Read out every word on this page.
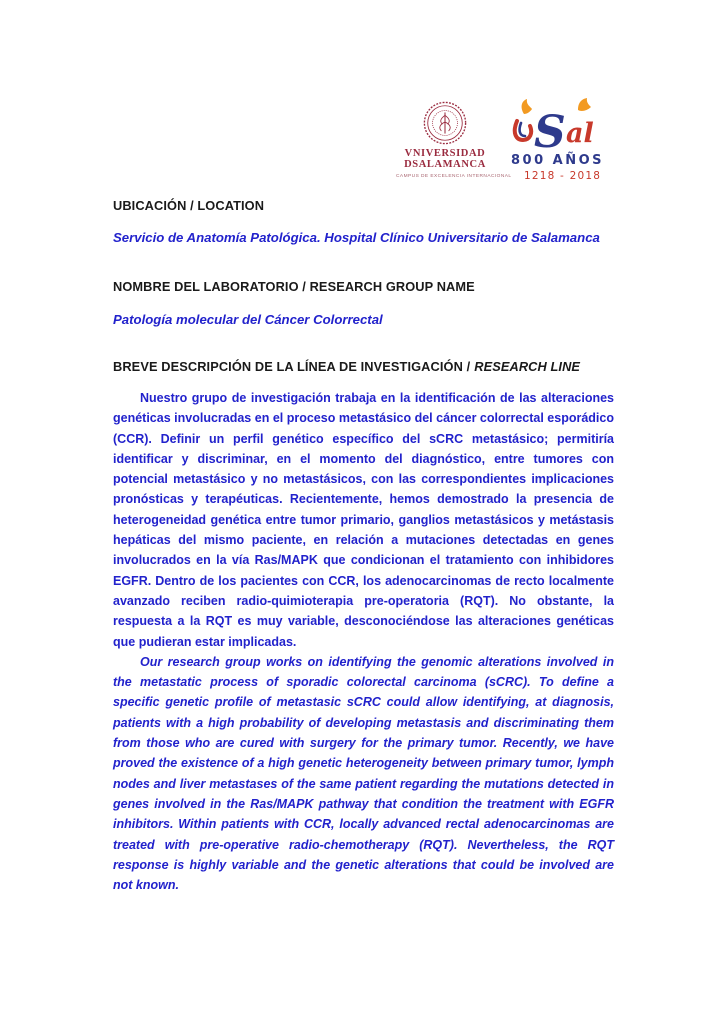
VNIVERSIDAD
DSALAMANCA
CAMPUS DE EXCELENCIA INTERNACIONAL
S al
800 AÑOS
1218 - 2018
UBICACIÓN / LOCATION
Servicio de Anatomía Patológica. Hospital Clínico Universitario de Salamanca
NOMBRE DEL LABORATORIO / RESEARCH GROUP NAME
Patología molecular del Cáncer Colorrectal
BREVE DESCRIPCIÓN DE LA LÍNEA DE INVESTIGACIÓN / RESEARCH LINE

Nuestro grupo de investigación trabaja en la identificación de las alteraciones genéticas involucradas en el proceso metastásico del cáncer colorrectal esporádico (CCR). Definir un perfil genético específico del sCRC metastásico; permitiría identificar y discriminar, en el momento del diagnóstico, entre tumores con potencial metastásico y no metastásicos, con las correspondientes implicaciones pronósticas y terapéuticas. Recientemente, hemos demostrado la presencia de heterogeneidad genética entre tumor primario, ganglios metastásicos y metástasis hepáticas del mismo paciente, en relación a mutaciones detectadas en genes involucrados en la vía Ras/MAPK que condicionan el tratamiento con inhibidores EGFR. Dentro de los pacientes con CCR, los adenocarcinomas de recto localmente avanzado reciben radio-quimioterapia pre-operatoria (RQT). No obstante, la respuesta a la RQT es muy variable, desconociéndose las alteraciones genéticas que pudieran estar implicadas.

Our research group works on identifying the genomic alterations involved in the metastatic process of sporadic colorectal carcinoma (sCRC). To define a specific genetic profile of metastasic sCRC could allow identifying, at diagnosis, patients with a high probability of developing metastasis and discriminating them from those who are cured with surgery for the primary tumor. Recently, we have proved the existence of a high genetic heterogeneity between primary tumor, lymph nodes and liver metastases of the same patient regarding the mutations detected in genes involved in the Ras/MAPK pathway that condition the treatment with EGFR inhibitors. Within patients with CCR, locally advanced rectal adenocarcinomas are treated with pre-operative radio-chemotherapy (RQT). Nevertheless, the RQT response is highly variable and the genetic alterations that could be involved are not known.
